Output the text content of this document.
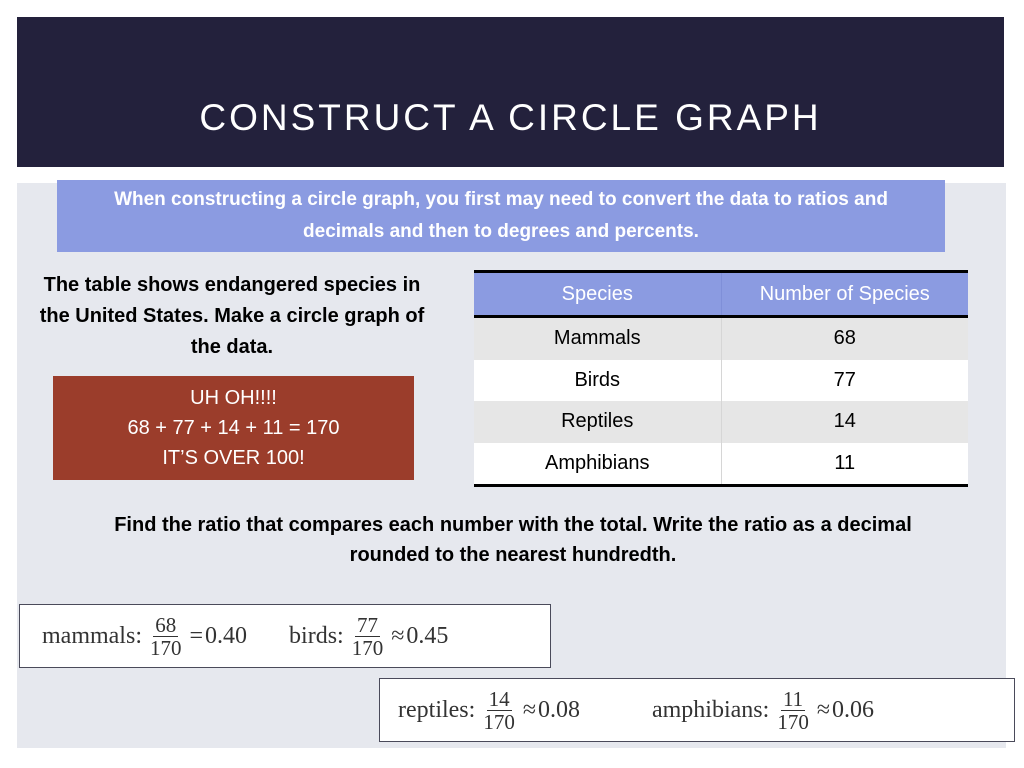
CONSTRUCT A CIRCLE GRAPH
When constructing a circle graph, you first may need to convert the data to ratios and decimals and then to degrees and percents.
The table shows endangered species in the United States. Make a circle graph of the data.
UH OH!!!!
68 + 77 + 14 + 11 = 170
IT’S OVER 100!
Species	Number of Species
Mammals	68
Birds	77
Reptiles	14
Amphibians	11
Find the ratio that compares each number with the total. Write the ratio as a decimal rounded to the nearest hundredth.
mammals: $\frac{68}{170} = 0.40$ birds: $\frac{77}{170} \approx 0.45$
reptiles: $\frac{14}{170} \approx 0.08$	amphibians: $\frac{11}{170} \approx 0.06$
